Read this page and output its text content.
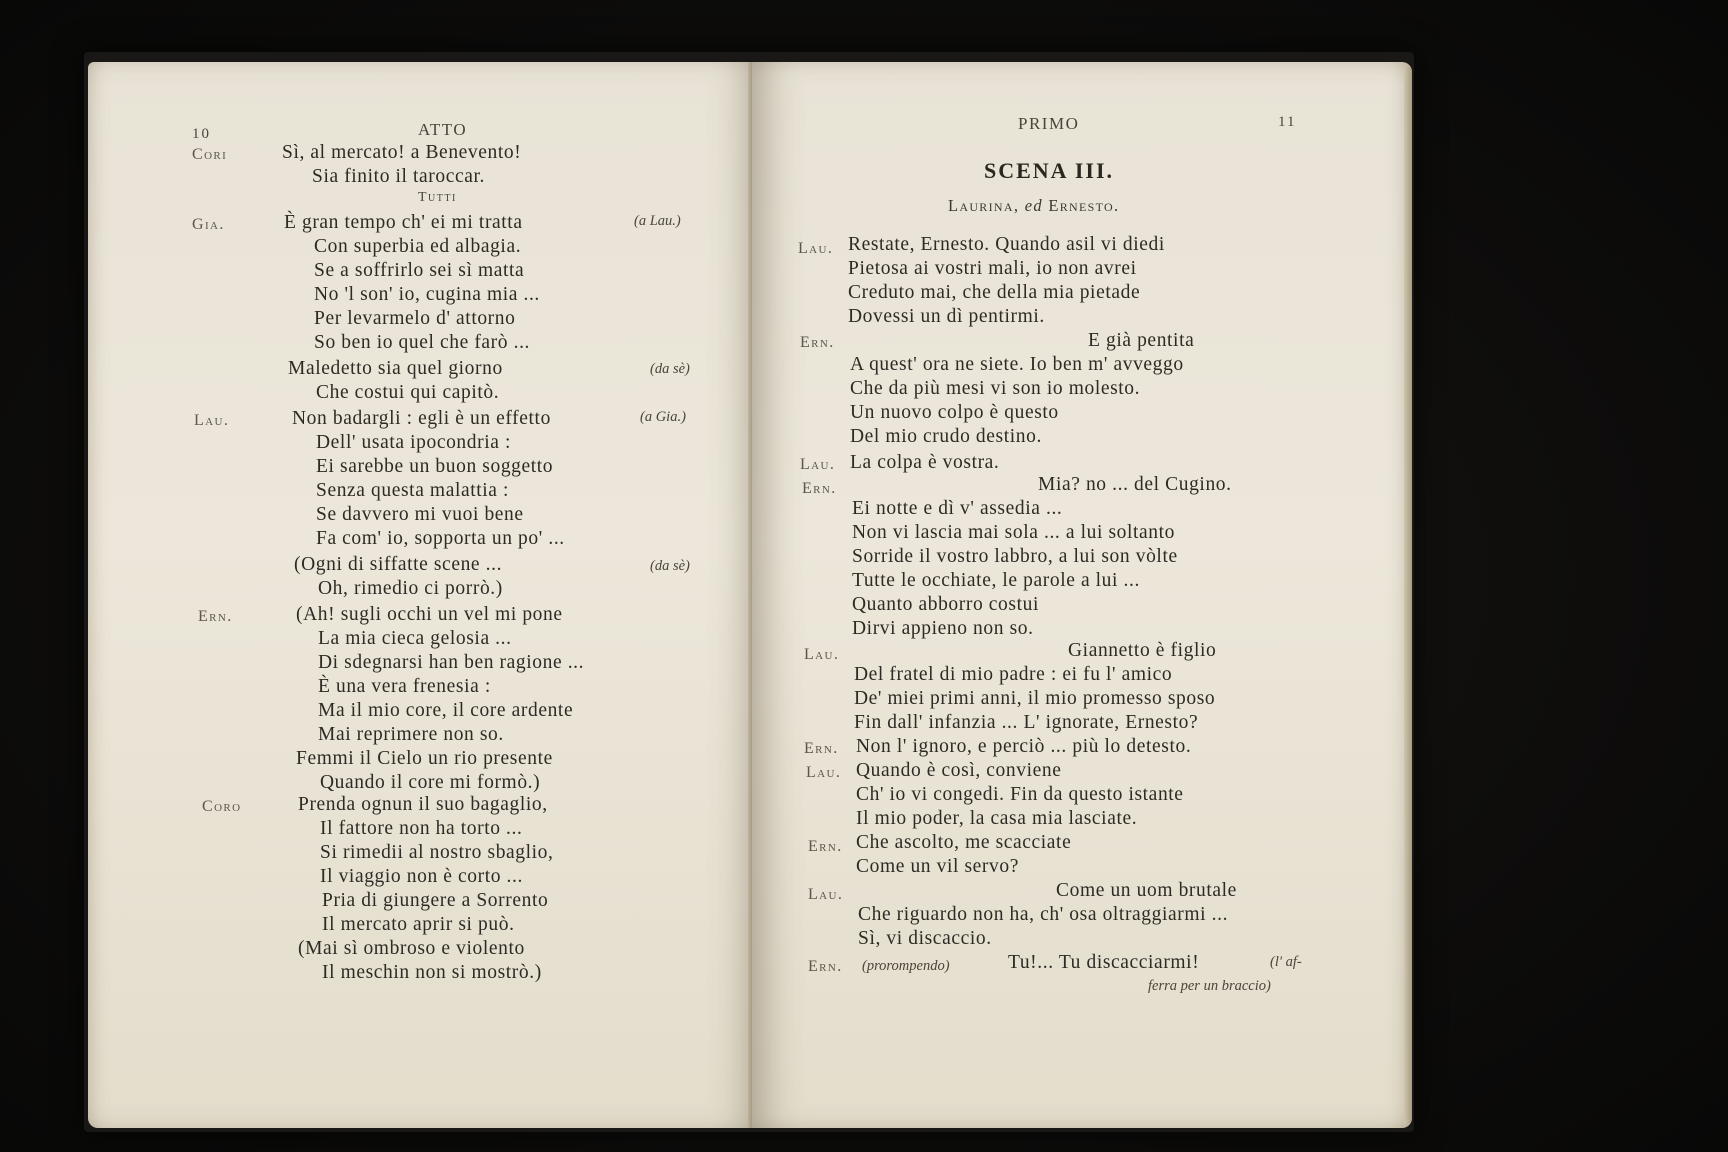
10	ATTO
Cori	Sì, al mercato! a Benevento!
Sia finito il taroccar.
Tutti
Gia.	(a Lau.)
È gran tempo ch' ei mi tratta
Con superbia ed albagia.
Se a soffrirlo sei sì matta
No 'l son' io, cugina mia ...
Per levarmelo d' attorno
So ben io quel che farò ...
(da sè)
Maledetto sia quel giorno
Che costui qui capitò.
Lau.	(a Gia.)
Non badargli : egli è un effetto
Dell' usata ipocondria :
Ei sarebbe un buon soggetto
Senza questa malattia :
Se davvero mi vuoi bene
Fa com' io, sopporta un po' ...
(da sè)
(Ogni di siffatte scene ...
Oh, rimedio ci porrò.)
Ern.	(Ah! sugli occhi un vel mi pone
La mia cieca gelosia ...
Di sdegnarsi han ben ragione ...
È una vera frenesia :
Ma il mio core, il core ardente
Mai reprimere non so.
Femmi il Cielo un rio presente
Quando il core mi formò.)
Coro	Prenda ognun il suo bagaglio,
Il fattore non ha torto ...
Si rimedii al nostro sbaglio,
Il viaggio non è corto ...
Pria di giungere a Sorrento
Il mercato aprir si può.
(Mai sì ombroso e violento
Il meschin non si mostrò.)
PRIMO	11
SCENA III.
Laurina, ed Ernesto.
Lau. Restate, Ernesto. Quando asil vi diedi
Pietosa ai vostri mali, io non avrei
Creduto mai, che della mia pietade
Dovessi un dì pentirmi.
Ern.	E già pentita
A quest' ora ne siete. Io ben m' avveggo
Che da più mesi vi son io molesto.
Un nuovo colpo è questo
Del mio crudo destino.
Lau. La colpa è vostra.
Ern.	Mia? no ... del Cugino.
Ei notte e dì v' assedia ...
Non vi lascia mai sola ... a lui soltanto
Sorride il vostro labbro, a lui son vòlte
Tutte le occhiate, le parole a lui ...
Quanto abborro costui
Dirvi appieno non so.
Lau.	Giannetto è figlio
Del fratel di mio padre : ei fu l' amico
De' miei primi anni, il mio promesso sposo
Fin dall' infanzia ... L' ignorate, Ernesto?
Ern. Non l' ignoro, e perciò ... più lo detesto.
Lau. Quando è così, conviene
Ch' io vi congedi. Fin da questo istante
Il mio poder, la casa mia lasciate.
Ern. Che ascolto, me scacciate
Come un vil servo?
Lau.	Come un uom brutale
Che riguardo non ha, ch' osa oltraggiarmi ...
Sì, vi discaccio.
Ern. (prorompendo)	Tu!... Tu discacciarmi!	(l' af-
ferra per un braccio)
